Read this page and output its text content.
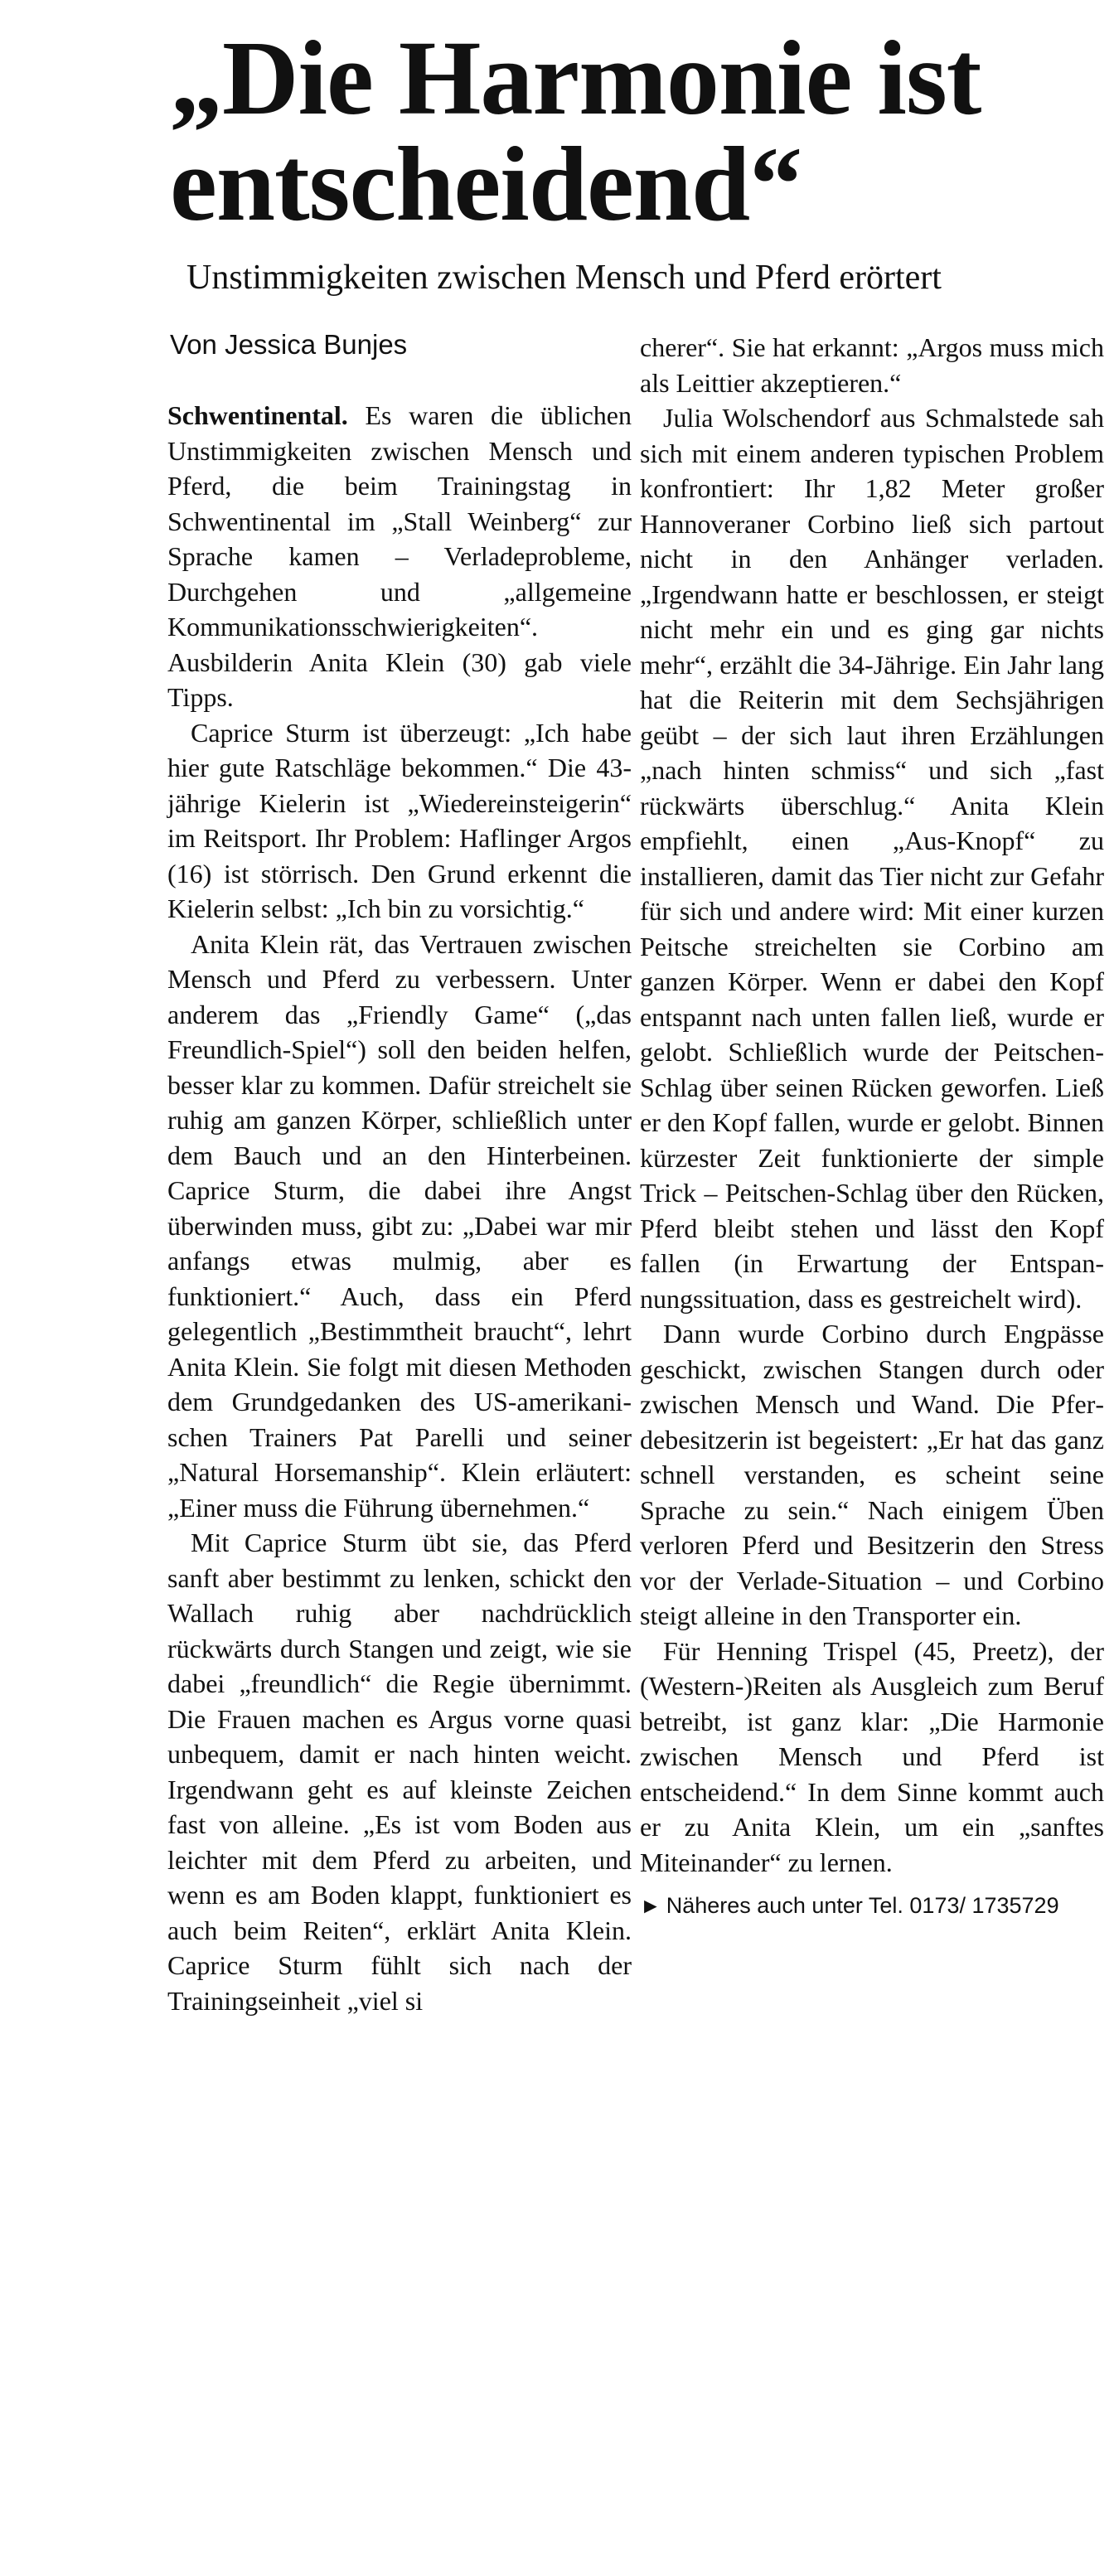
„Die Harmonie ist entscheidend“

Unstimmigkeiten zwischen Mensch und Pferd erörtert

Von Jessica Bunjes

Schwentinental. Es waren die üblichen Unstimmigkeiten zwischen Mensch und Pferd, die beim Trainingstag in Schwentinental im „Stall Weinberg“ zur Sprache kamen – Verladeprobleme, Durchgehen und „allgemeine Kommunikationsschwierigkeiten“. Ausbilderin Anita Klein (30) gab viele Tipps.

Caprice Sturm ist überzeugt: „Ich habe hier gute Ratschläge bekommen.“ Die 43-jährige Kielerin ist „Wiedereinsteigerin“ im Reitsport. Ihr Problem: Haflinger Argos (16) ist störrisch. Den Grund erkennt die Kielerin selbst: „Ich bin zu vorsichtig.“

Anita Klein rät, das Vertrauen zwischen Mensch und Pferd zu verbessern. Unter anderem das „Friendly Game“ („das Freundlich-Spiel“) soll den beiden helfen, besser klar zu kommen. Dafür streichelt sie ruhig am ganzen Körper, schließlich unter dem Bauch und an den Hinterbeinen. Caprice Sturm, die dabei ihre Angst überwinden muss, gibt zu: „Dabei war mir anfangs etwas mulmig, aber es funktioniert.“ Auch, dass ein Pferd gelegentlich „Bestimmtheit braucht“, lehrt Anita Klein. Sie folgt mit diesen Methoden dem Grundgedanken des US-amerikanischen Trainers Pat Parelli und seiner „Natural Horsemanship“. Klein erläutert: „Einer muss die Führung übernehmen.“

Mit Caprice Sturm übt sie, das Pferd sanft aber bestimmt zu lenken, schickt den Wallach ruhig aber nachdrücklich rückwärts durch Stangen und zeigt, wie sie dabei „freundlich“ die Regie übernimmt. Die Frauen machen es Argus vorne quasi unbequem, damit er nach hinten weicht. Irgendwann geht es auf kleinste Zeichen fast von alleine. „Es ist vom Boden aus leichter mit dem Pferd zu arbeiten, und wenn es am Boden klappt, funktioniert es auch beim Reiten“, erklärt Anita Klein. Caprice Sturm fühlt sich nach der Trainingseinheit „viel si

cherer“. Sie hat erkannt: „Argos muss mich als Leittier akzeptieren.“

Julia Wolschendorf aus Schmalstede sah sich mit einem anderen typischen Problem konfrontiert: Ihr 1,82 Meter großer Hannoveraner Corbino ließ sich partout nicht in den Anhänger verladen. „Irgendwann hatte er beschlossen, er steigt nicht mehr ein und es ging gar nichts mehr“, erzählt die 34-Jährige. Ein Jahr lang hat die Reiterin mit dem Sechsjährigen geübt – der sich laut ihren Erzählungen „nach hinten schmiss“ und sich „fast rückwärts überschlug.“ Anita Klein empfiehlt, einen „Aus-Knopf“ zu installieren, damit das Tier nicht zur Gefahr für sich und andere wird: Mit einer kurzen Peitsche streichelten sie Corbino am ganzen Körper. Wenn er dabei den Kopf entspannt nach unten fallen ließ, wurde er gelobt. Schließlich wurde der Peitschen-Schlag über seinen Rücken geworfen. Ließ er den Kopf fallen, wurde er gelobt. Binnen kürzester Zeit funktionierte der simple Trick – Peitschen-Schlag über den Rücken, Pferd bleibt stehen und lässt den Kopf fallen (in Erwartung der Entspannungssituation, dass es gestreichelt wird).

Dann wurde Corbino durch Engpässe geschickt, zwischen Stangen durch oder zwischen Mensch und Wand. Die Pferdebesitzerin ist begeistert: „Er hat das ganz schnell verstanden, es scheint seine Sprache zu sein.“ Nach einigem Üben verloren Pferd und Besitzerin den Stress vor der Verlade-Situation – und Corbino steigt alleine in den Transporter ein.

Für Henning Trispel (45, Preetz), der (Western-)Reiten als Ausgleich zum Beruf betreibt, ist ganz klar: „Die Harmonie zwischen Mensch und Pferd ist entscheidend.“ In dem Sinne kommt auch er zu Anita Klein, um ein „sanftes Miteinander“ zu lernen.

► Näheres auch unter Tel. 0173/ 1735729
